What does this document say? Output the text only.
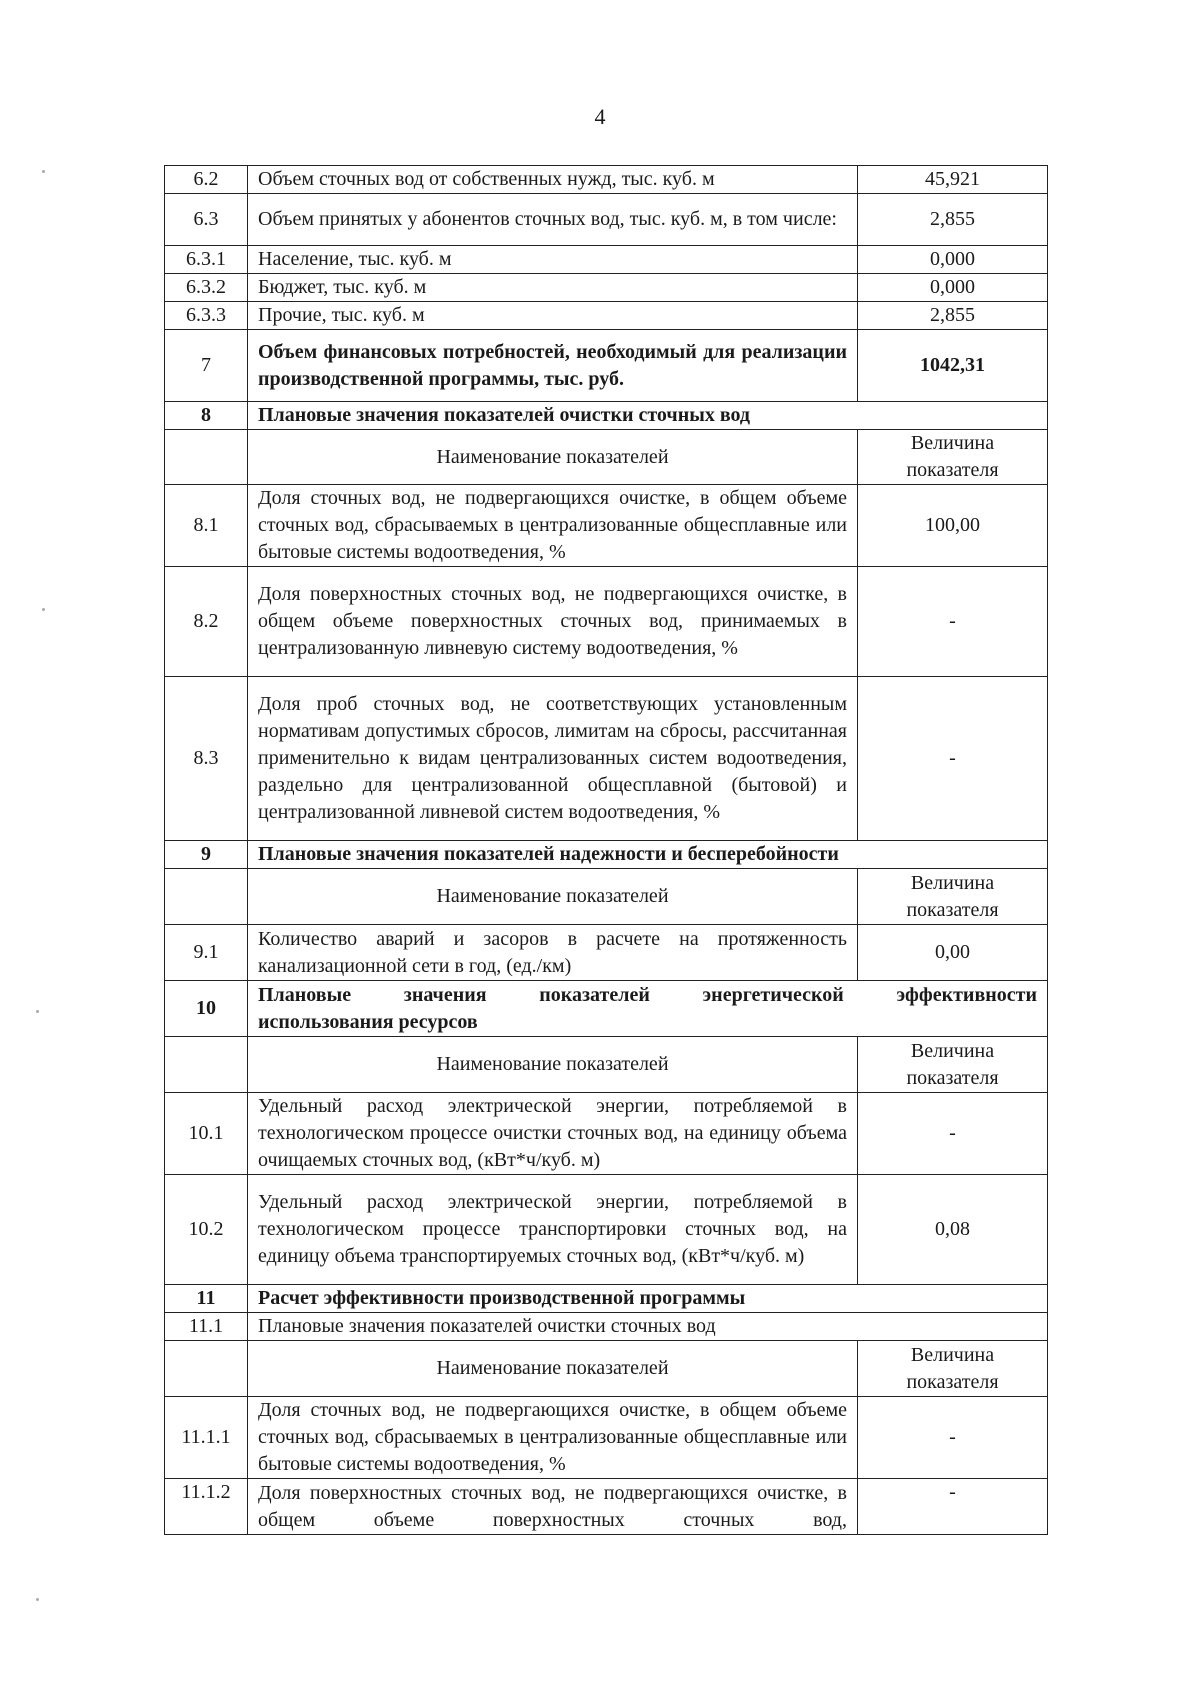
4
6.2	Объем сточных вод от собственных нужд, тыс. куб. м	45,921
6.3	Объем принятых у абонентов сточных вод, тыс. куб. м, в том числе:	2,855
6.3.1	Население, тыс. куб. м	0,000
6.3.2	Бюджет, тыс. куб. м	0,000
6.3.3	Прочие, тыс. куб. м	2,855
7	Объем финансовых потребностей, необходимый для реализации производственной программы, тыс. руб.	1042,31
8	Плановые значения показателей очистки сточных вод	
	Наименование показателей	Величина показателя
8.1	Доля сточных вод, не подвергающихся очистке, в общем объеме сточных вод, сбрасываемых в централизованные общесплавные или бытовые системы водоотведения, %	100,00
8.2	Доля поверхностных сточных вод, не подвергающихся очистке, в общем объеме поверхностных сточных вод, принимаемых в централизованную ливневую систему водоотведения, %	-
8.3	Доля проб сточных вод, не соответствующих установленным нормативам допустимых сбросов, лимитам на сбросы, рассчитанная применительно к видам централизованных систем водоотведения, раздельно для централизованной общесплавной (бытовой) и централизованной ливневой систем водоотведения, %	-
9	Плановые значения показателей надежности и бесперебойности	
	Наименование показателей	Величина показателя
9.1	Количество аварий и засоров в расчете на протяженность канализационной сети в год, (ед./км)	0,00
10	Плановые значения показателей энергетической эффективности
использования ресурсов	

	Наименование показателей	Величина показателя
10.1	Удельный расход электрической энергии, потребляемой в технологическом процессе очистки сточных вод, на единицу объема очищаемых сточных вод, (кВт*ч/куб. м)	-
10.2	Удельный расход электрической энергии, потребляемой в технологическом процессе транспортировки сточных вод, на единицу объема транспортируемых сточных вод, (кВт*ч/куб. м)	0,08
11	Расчет эффективности производственной программы	
11.1	Плановые значения показателей очистки сточных вод	
	Наименование показателей	Величина показателя
11.1.1	Доля сточных вод, не подвергающихся очистке, в общем объеме сточных вод, сбрасываемых в централизованные общесплавные или бытовые системы водоотведения, %	-
11.1.2	Доля поверхностных сточных вод, не подвергающихся очистке, в общем объеме поверхностных сточных вод,	-
